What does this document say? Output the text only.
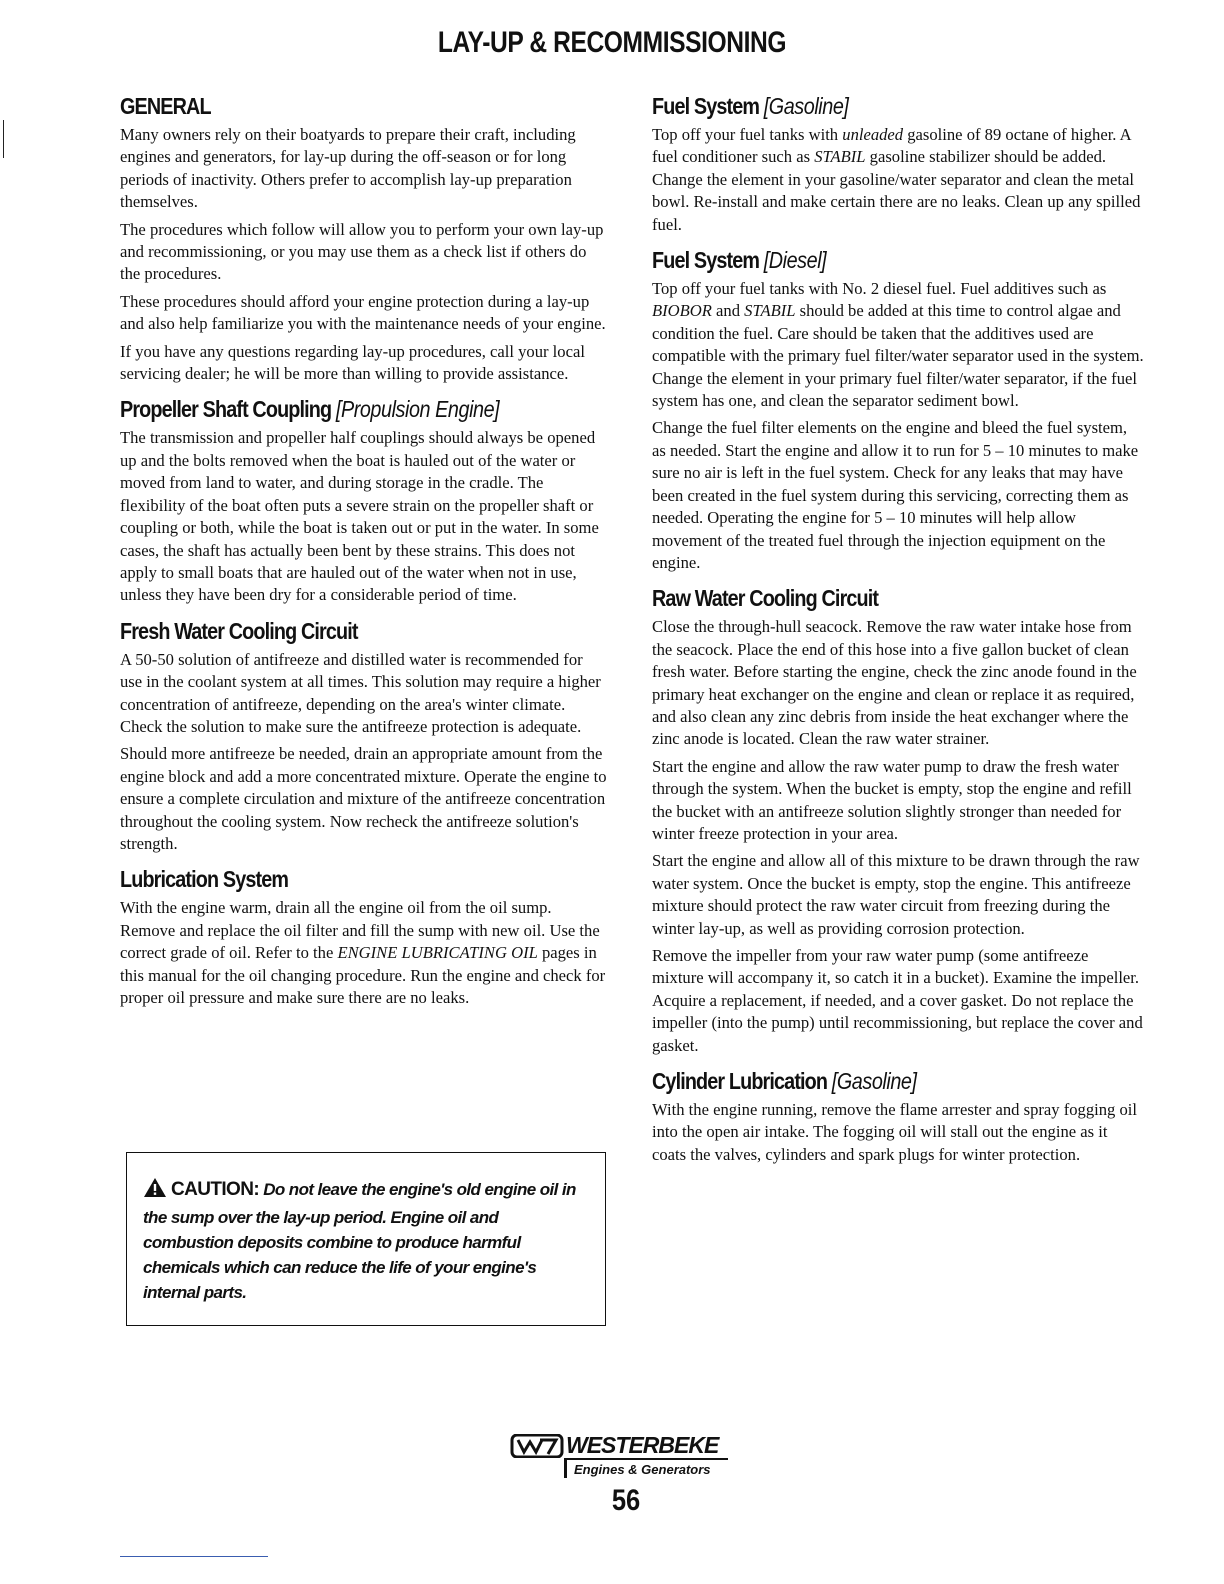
LAY-UP & RECOMMISSIONING
GENERAL

Many owners rely on their boatyards to prepare their craft, including engines and generators, for lay-up during the off-season or for long periods of inactivity. Others prefer to accomplish lay-up preparation themselves.

The procedures which follow will allow you to perform your own lay-up and recommissioning, or you may use them as a check list if others do the procedures.

These procedures should afford your engine protection during a lay-up and also help familiarize you with the maintenance needs of your engine.

If you have any questions regarding lay-up procedures, call your local servicing dealer; he will be more than willing to provide assistance.

Propeller Shaft Coupling [Propulsion Engine]

The transmission and propeller half couplings should always be opened up and the bolts removed when the boat is hauled out of the water or moved from land to water, and during storage in the cradle. The flexibility of the boat often puts a severe strain on the propeller shaft or coupling or both, while the boat is taken out or put in the water. In some cases, the shaft has actually been bent by these strains. This does not apply to small boats that are hauled out of the water when not in use, unless they have been dry for a considerable period of time.

Fresh Water Cooling Circuit

A 50-50 solution of antifreeze and distilled water is recommended for use in the coolant system at all times. This solution may require a higher concentration of antifreeze, depending on the area's winter climate. Check the solution to make sure the antifreeze protection is adequate.

Should more antifreeze be needed, drain an appropriate amount from the engine block and add a more concentrated mixture. Operate the engine to ensure a complete circulation and mixture of the antifreeze concentration throughout the cooling system. Now recheck the antifreeze solution's strength.

Lubrication System

With the engine warm, drain all the engine oil from the oil sump. Remove and replace the oil filter and fill the sump with new oil. Use the correct grade of oil. Refer to the ENGINE LUBRICATING OIL pages in this manual for the oil changing procedure. Run the engine and check for proper oil pressure and make sure there are no leaks.

CAUTION: Do not leave the engine's old engine oil in the sump over the lay-up period. Engine oil and combustion deposits combine to produce harmful chemicals which can reduce the life of your engine's internal parts.
Fuel System [Gasoline]

Top off your fuel tanks with unleaded gasoline of 89 octane of higher. A fuel conditioner such as STABIL gasoline stabilizer should be added. Change the element in your gasoline/water separator and clean the metal bowl. Re-install and make certain there are no leaks. Clean up any spilled fuel.

Fuel System [Diesel]

Top off your fuel tanks with No. 2 diesel fuel. Fuel additives such as BIOBOR and STABIL should be added at this time to control algae and condition the fuel. Care should be taken that the additives used are compatible with the primary fuel filter/water separator used in the system. Change the element in your primary fuel filter/water separator, if the fuel system has one, and clean the separator sediment bowl.

Change the fuel filter elements on the engine and bleed the fuel system, as needed. Start the engine and allow it to run for 5 – 10 minutes to make sure no air is left in the fuel system. Check for any leaks that may have been created in the fuel system during this servicing, correcting them as needed. Operating the engine for 5 – 10 minutes will help allow movement of the treated fuel through the injection equipment on the engine.

Raw Water Cooling Circuit

Close the through-hull seacock. Remove the raw water intake hose from the seacock. Place the end of this hose into a five gallon bucket of clean fresh water. Before starting the engine, check the zinc anode found in the primary heat exchanger on the engine and clean or replace it as required, and also clean any zinc debris from inside the heat exchanger where the zinc anode is located. Clean the raw water strainer.

Start the engine and allow the raw water pump to draw the fresh water through the system. When the bucket is empty, stop the engine and refill the bucket with an antifreeze solution slightly stronger than needed for winter freeze protection in your area.

Start the engine and allow all of this mixture to be drawn through the raw water system. Once the bucket is empty, stop the engine. This antifreeze mixture should protect the raw water circuit from freezing during the winter lay-up, as well as providing corrosion protection.

Remove the impeller from your raw water pump (some antifreeze mixture will accompany it, so catch it in a bucket). Examine the impeller. Acquire a replacement, if needed, and a cover gasket. Do not replace the impeller (into the pump) until recommissioning, but replace the cover and gasket.

Cylinder Lubrication [Gasoline]

With the engine running, remove the flame arrester and spray fogging oil into the open air intake. The fogging oil will stall out the engine as it coats the valves, cylinders and spark plugs for winter protection.

WESTERBEKE
Engines & Generators
56
